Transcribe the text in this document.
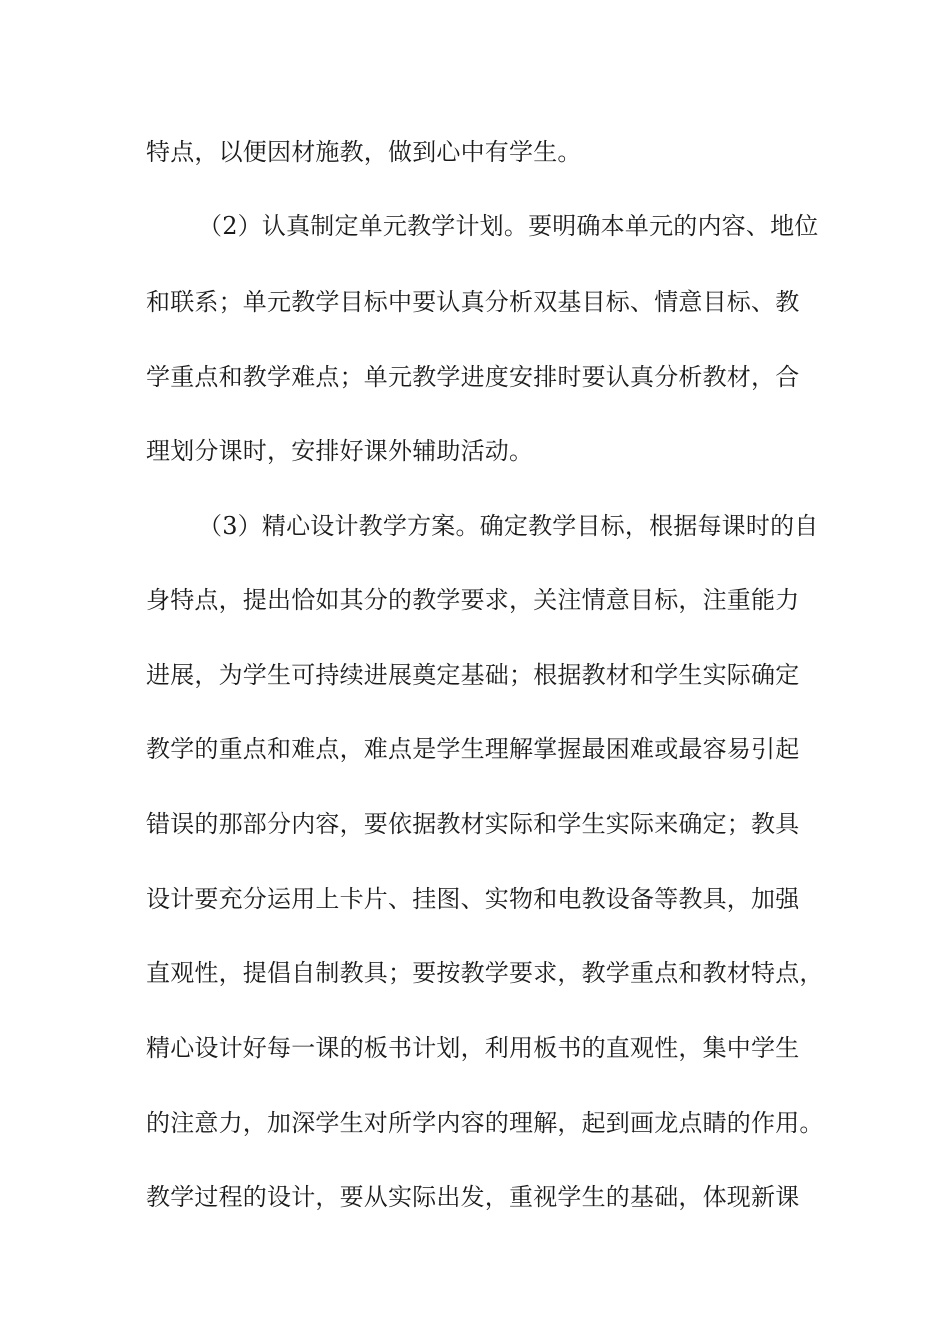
特点，以便因材施教，做到心中有学生。
（2）认真制定单元教学计划。要明确本单元的内容、地位
和联系；单元教学目标中要认真分析双基目标、情意目标、教
学重点和教学难点；单元教学进度安排时要认真分析教材，合
理划分课时，安排好课外辅助活动。
（3）精心设计教学方案。确定教学目标，根据每课时的自
身特点，提出恰如其分的教学要求，关注情意目标，注重能力
进展，为学生可持续进展奠定基础；根据教材和学生实际确定
教学的重点和难点，难点是学生理解掌握最困难或最容易引起
错误的那部分内容，要依据教材实际和学生实际来确定；教具
设计要充分运用上卡片、挂图、实物和电教设备等教具，加强
直观性，提倡自制教具；要按教学要求，教学重点和教材特点，
精心设计好每一课的板书计划，利用板书的直观性，集中学生
的注意力，加深学生对所学内容的理解，起到画龙点睛的作用。
教学过程的设计，要从实际出发，重视学生的基础，体现新课
